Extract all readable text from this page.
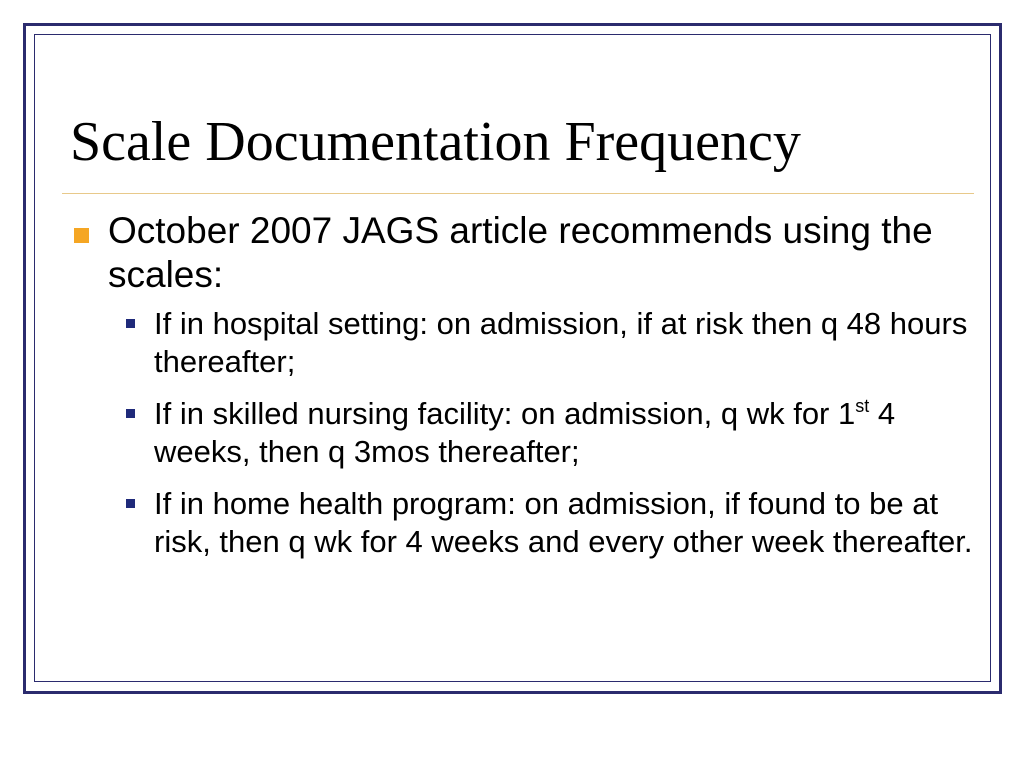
Scale Documentation Frequency
October 2007 JAGS article recommends using the scales:
If in hospital setting: on admission, if at risk then q 48 hours thereafter;
If in skilled nursing facility: on admission, q wk for 1st 4 weeks, then q 3mos thereafter;
If in home health program: on admission, if found to be at risk, then q wk for 4 weeks and every other week thereafter.
